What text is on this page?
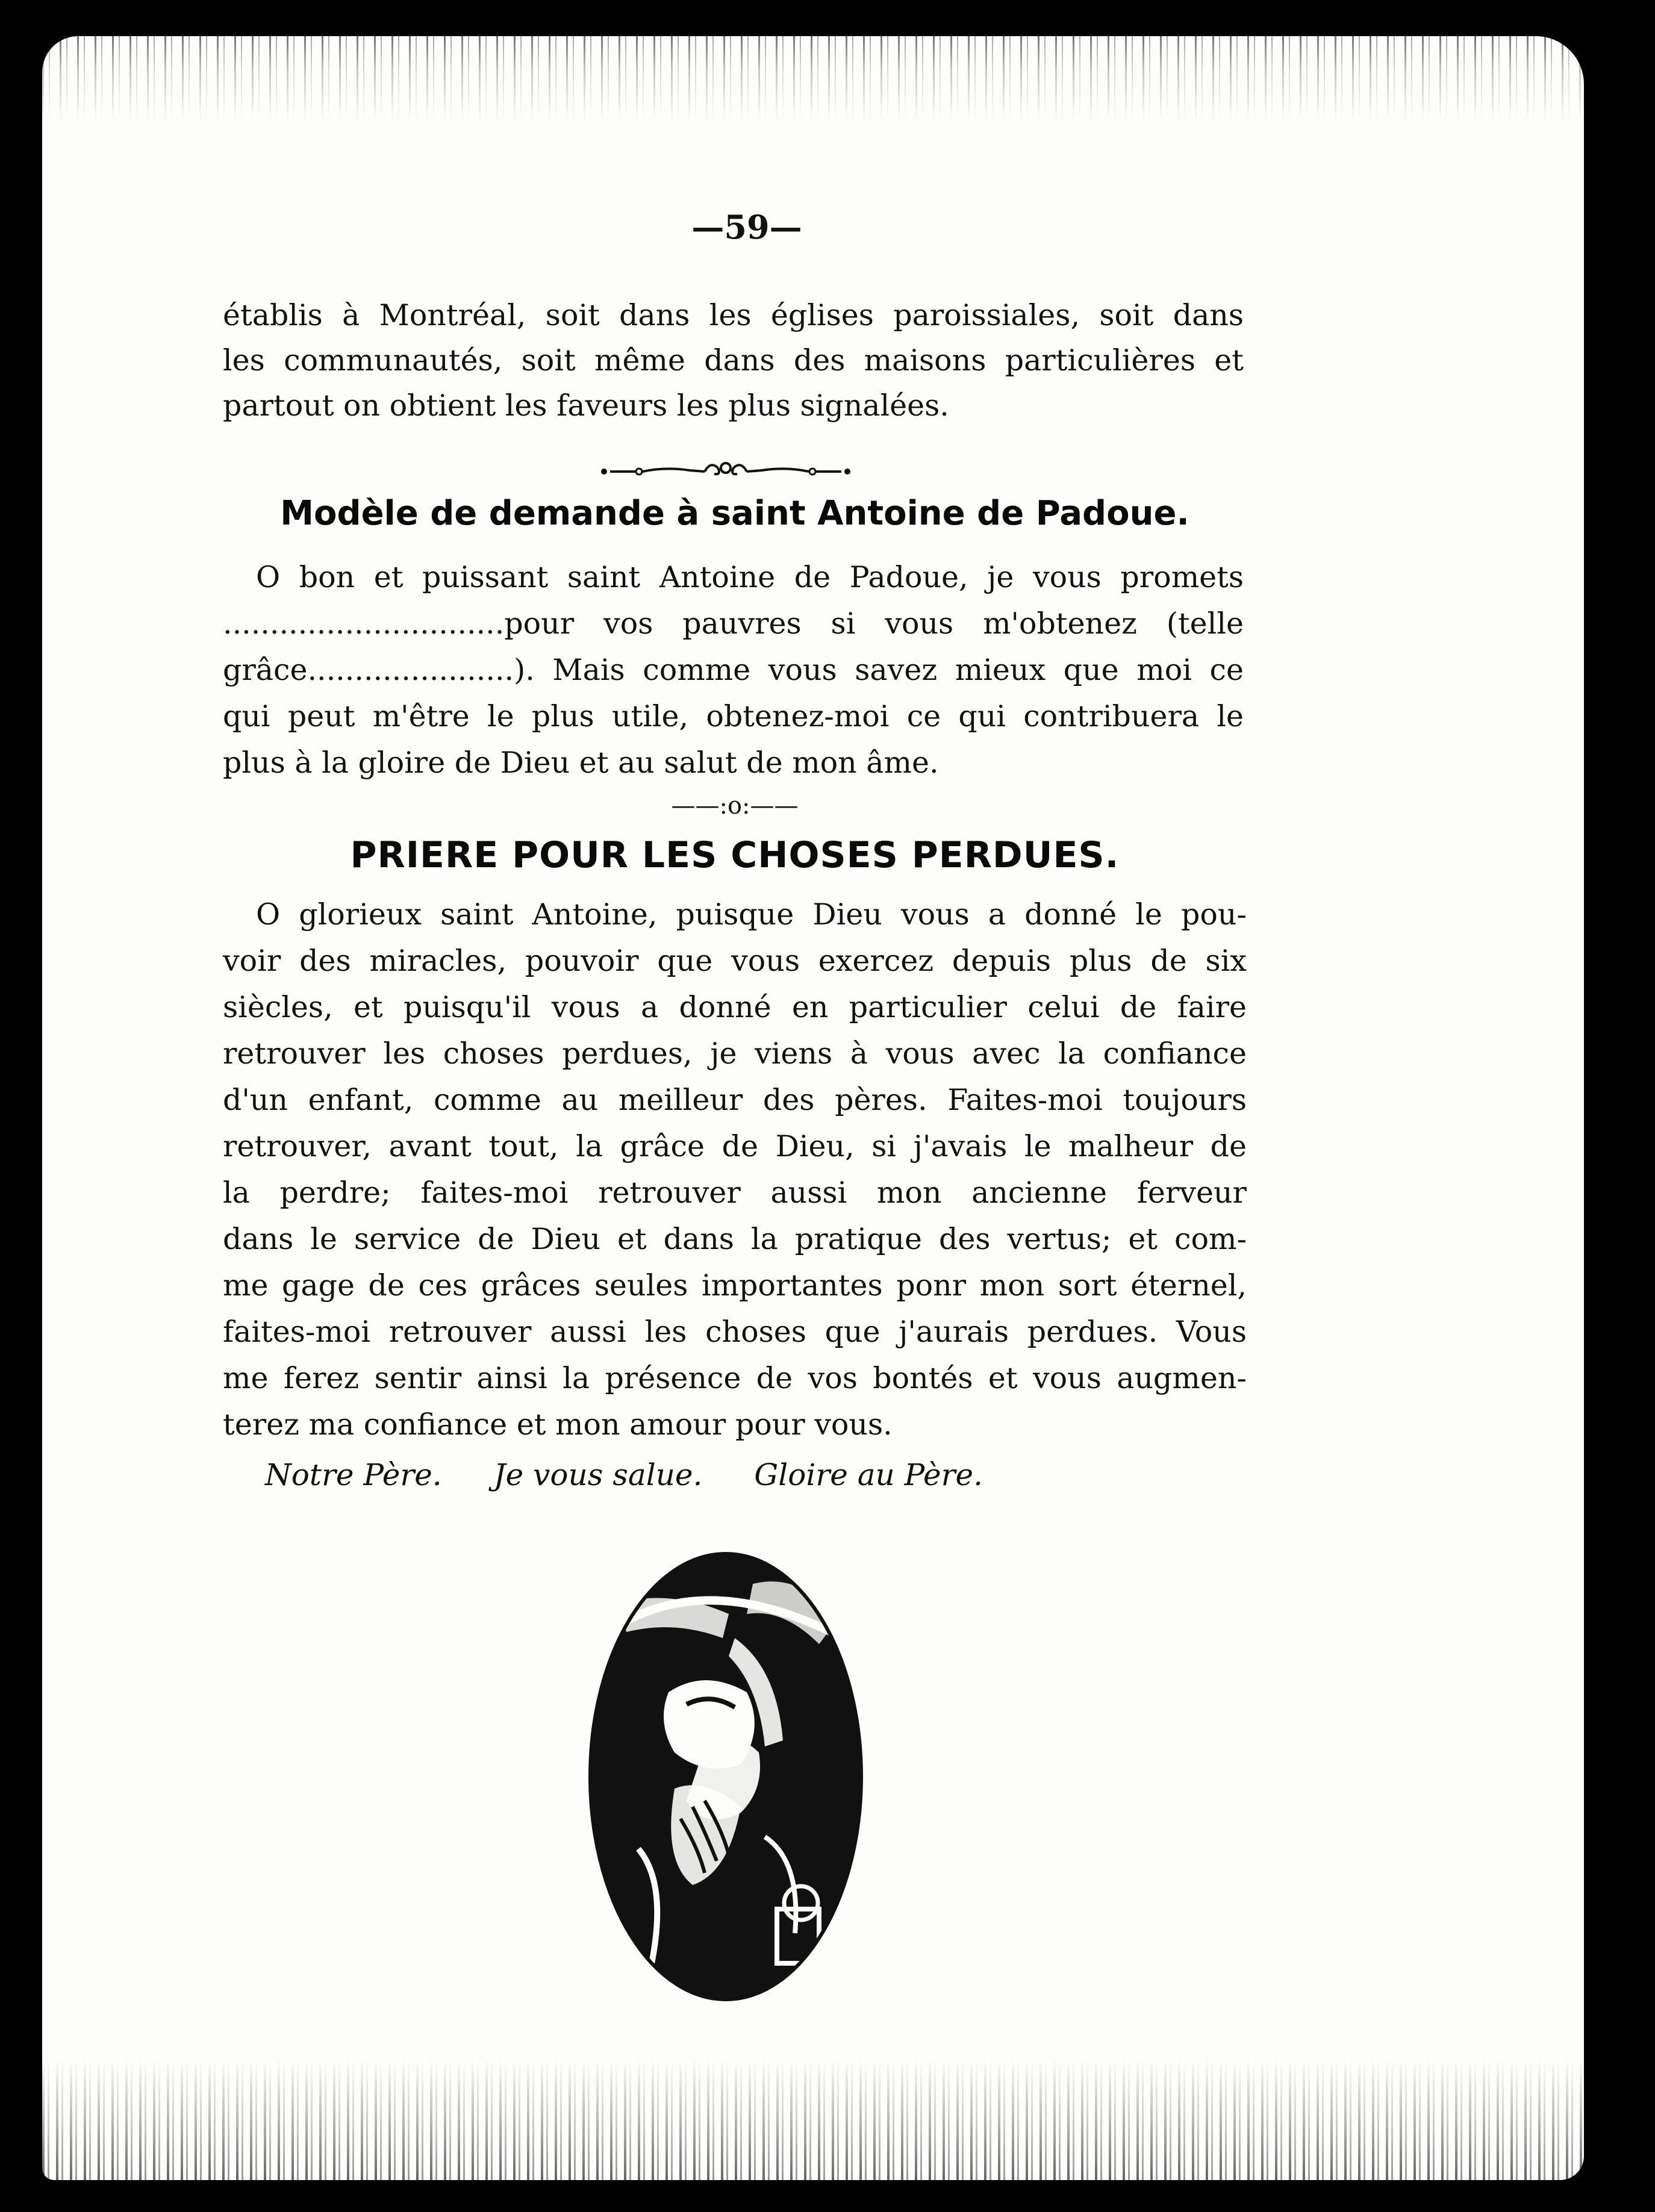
—59—
établis à Montréal, soit dans les églises paroissiales, soit dans
les communautés, soit même dans des maisons particulières et
partout on obtient les faveurs les plus signalées.
Modèle de demande à saint Antoine de Padoue.
O bon et puissant saint Antoine de Padoue, je vous promets
..............................pour vos pauvres si vous m'obtenez (telle
grâce......................). Mais comme vous savez mieux que moi ce
qui peut m'être le plus utile, obtenez-moi ce qui contribuera le
plus à la gloire de Dieu et au salut de mon âme.
——:o:——
PRIERE POUR LES CHOSES PERDUES.
O glorieux saint Antoine, puisque Dieu vous a donné le pou-
voir des miracles, pouvoir que vous exercez depuis plus de six
siècles, et puisqu'il vous a donné en particulier celui de faire
retrouver les choses perdues, je viens à vous avec la confiance
d'un enfant, comme au meilleur des pères. Faites-moi toujours
retrouver, avant tout, la grâce de Dieu, si j'avais le malheur de
la perdre; faites-moi retrouver aussi mon ancienne ferveur
dans le service de Dieu et dans la pratique des vertus; et com-
me gage de ces grâces seules importantes ponr mon sort éternel,
faites-moi retrouver aussi les choses que j'aurais perdues. Vous
me ferez sentir ainsi la présence de vos bontés et vous augmen-
terez ma confiance et mon amour pour vous.
Notre Père. Je vous salue. Gloire au Père.
